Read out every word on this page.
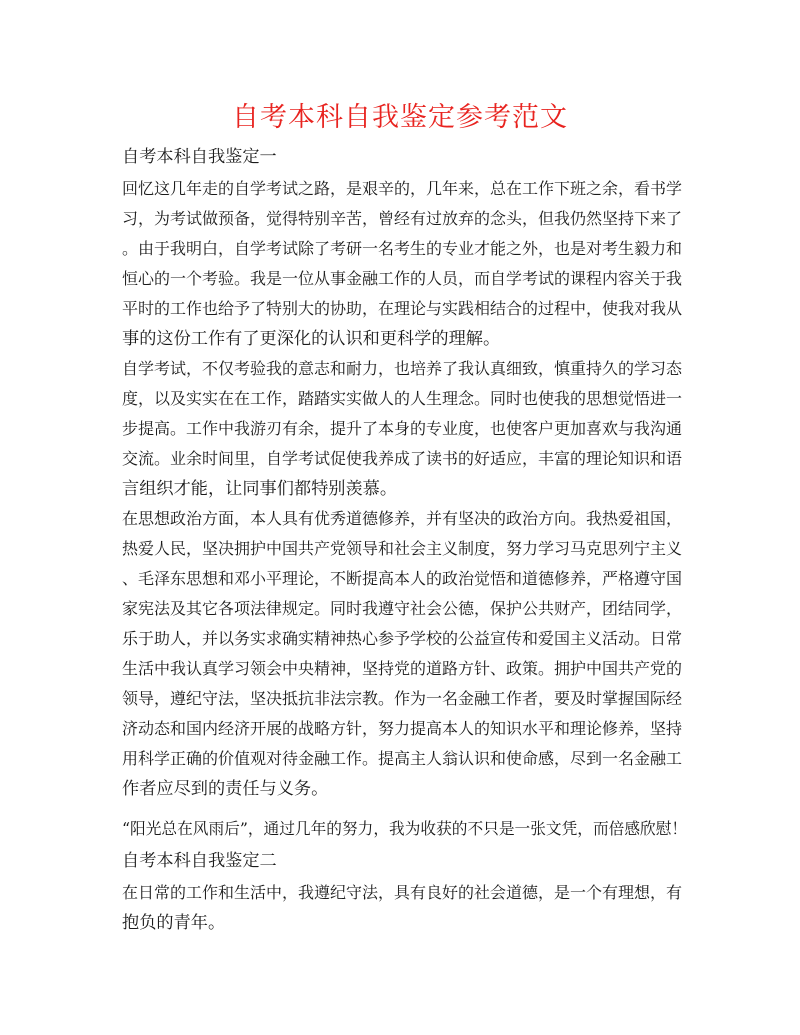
自考本科自我鉴定参考范文
自考本科自我鉴定一
回忆这几年走的自学考试之路，是艰辛的，几年来，总在工作下班之余，看书学
习，为考试做预备，觉得特别辛苦，曾经有过放弃的念头，但我仍然坚持下来了
。由于我明白，自学考试除了考研一名考生的专业才能之外，也是对考生毅力和
恒心的一个考验。我是一位从事金融工作的人员，而自学考试的课程内容关于我
平时的工作也给予了特别大的协助，在理论与实践相结合的过程中，使我对我从
事的这份工作有了更深化的认识和更科学的理解。
自学考试，不仅考验我的意志和耐力，也培养了我认真细致，慎重持久的学习态
度，以及实实在在工作，踏踏实实做人的人生理念。同时也使我的思想觉悟进一
步提高。工作中我游刃有余，提升了本身的专业度，也使客户更加喜欢与我沟通
交流。业余时间里，自学考试促使我养成了读书的好适应，丰富的理论知识和语
言组织才能，让同事们都特别羡慕。
在思想政治方面，本人具有优秀道德修养，并有坚决的政治方向。我热爱祖国，
热爱人民，坚决拥护中国共产党领导和社会主义制度，努力学习马克思列宁主义
、毛泽东思想和邓小平理论，不断提高本人的政治觉悟和道德修养，严格遵守国
家宪法及其它各项法律规定。同时我遵守社会公德，保护公共财产，团结同学，
乐于助人，并以务实求确实精神热心参予学校的公益宣传和爱国主义活动。日常
生活中我认真学习领会中央精神，坚持党的道路方针、政策。拥护中国共产党的
领导，遵纪守法，坚决抵抗非法宗教。作为一名金融工作者，要及时掌握国际经
济动态和国内经济开展的战略方针，努力提高本人的知识水平和理论修养，坚持
用科学正确的价值观对待金融工作。提高主人翁认识和使命感，尽到一名金融工
作者应尽到的责任与义务。
“阳光总在风雨后”，通过几年的努力，我为收获的不只是一张文凭，而倍感欣慰！
自考本科自我鉴定二
在日常的工作和生活中，我遵纪守法，具有良好的社会道德，是一个有理想，有
抱负的青年。
